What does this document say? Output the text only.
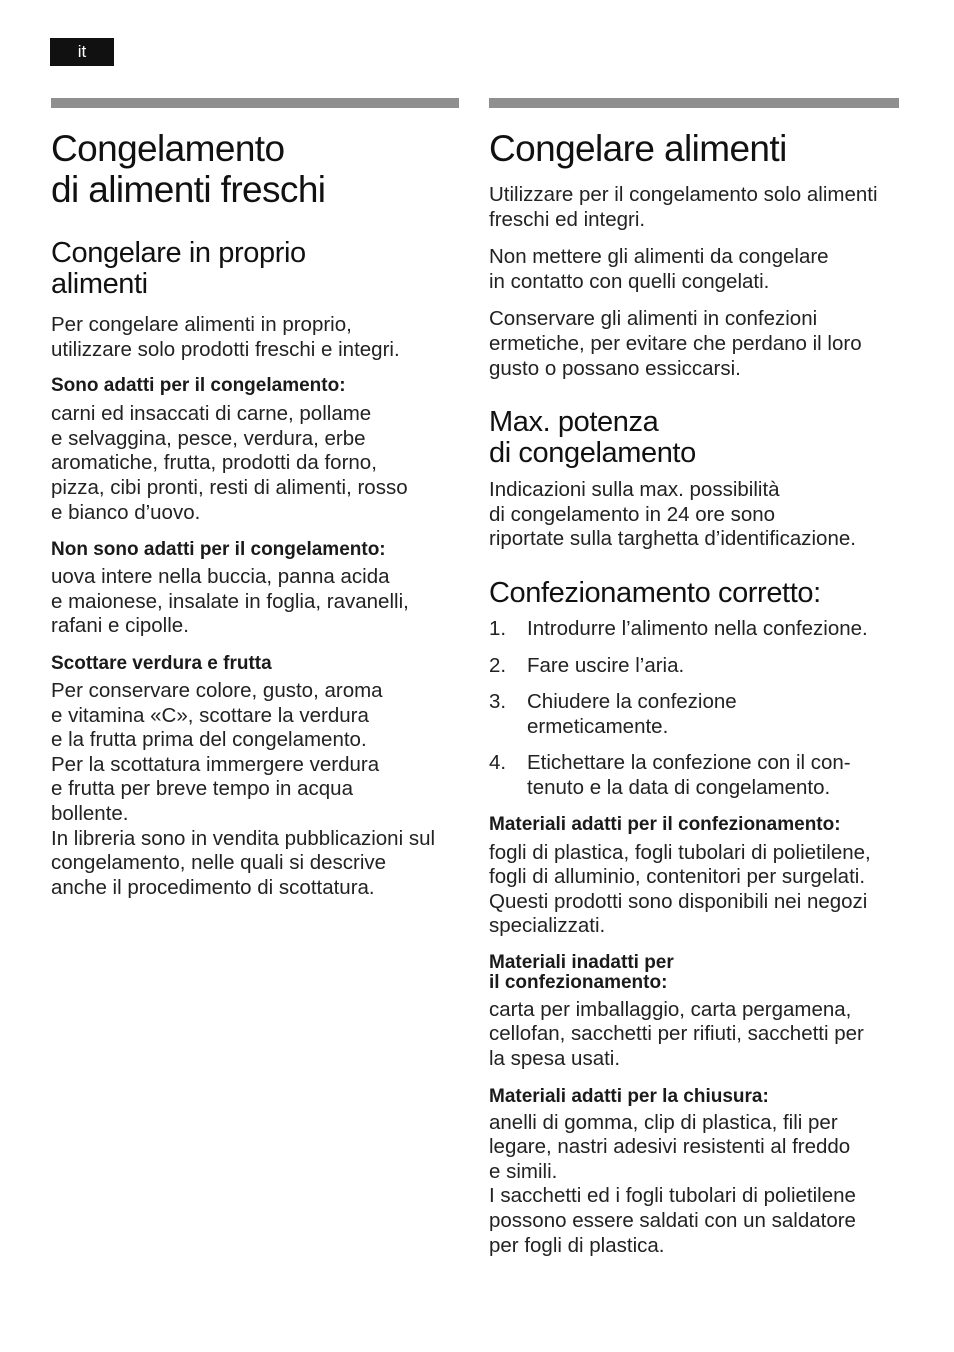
it
Congelamento
di alimenti freschi
Congelare in proprio
alimenti

Per congelare alimenti in proprio,
utilizzare solo prodotti freschi e integri.

Sono adatti per il congelamento:

carni ed insaccati di carne, pollame
e selvaggina, pesce, verdura, erbe
aromatiche, frutta, prodotti da forno,
pizza, cibi pronti, resti di alimenti, rosso
e bianco d’uovo.

Non sono adatti per il congelamento:

uova intere nella buccia, panna acida
e maionese, insalate in foglia, ravanelli,
rafani e cipolle.

Scottare verdura e frutta

Per conservare colore, gusto, aroma
e vitamina «C», scottare la verdura
e la frutta prima del congelamento.
Per la scottatura immergere verdura
e frutta per breve tempo in acqua
bollente.
In libreria sono in vendita pubblicazioni sul
congelamento, nelle quali si descrive
anche il procedimento di scottatura.

Congelare alimenti

Utilizzare per il congelamento solo alimenti
freschi ed integri.

Non mettere gli alimenti da congelare
in contatto con quelli congelati.

Conservare gli alimenti in confezioni
ermetiche, per evitare che perdano il loro
gusto o possano essiccarsi.

Max. potenza
di congelamento

Indicazioni sulla max. possibilità
di congelamento in 24 ore sono
riportate sulla targhetta d’identificazione.

Confezionamento corretto:
1.	Introdurre l’alimento nella confezione.
2.	Fare uscire l’aria.
3.	Chiudere la confezione
ermeticamente.
4.	Etichettare la confezione con il con-
tenuto e la data di congelamento.
Materiali adatti per il confezionamento:

fogli di plastica, fogli tubolari di polietilene,
fogli di alluminio, contenitori per surgelati.
Questi prodotti sono disponibili nei negozi
specializzati.

Materiali inadatti per
il confezionamento:

carta per imballaggio, carta pergamena,
cellofan, sacchetti per rifiuti, sacchetti per
la spesa usati.

Materiali adatti per la chiusura:

anelli di gomma, clip di plastica, fili per
legare, nastri adesivi resistenti al freddo
e simili.
I sacchetti ed i fogli tubolari di polietilene
possono essere saldati con un saldatore
per fogli di plastica.
